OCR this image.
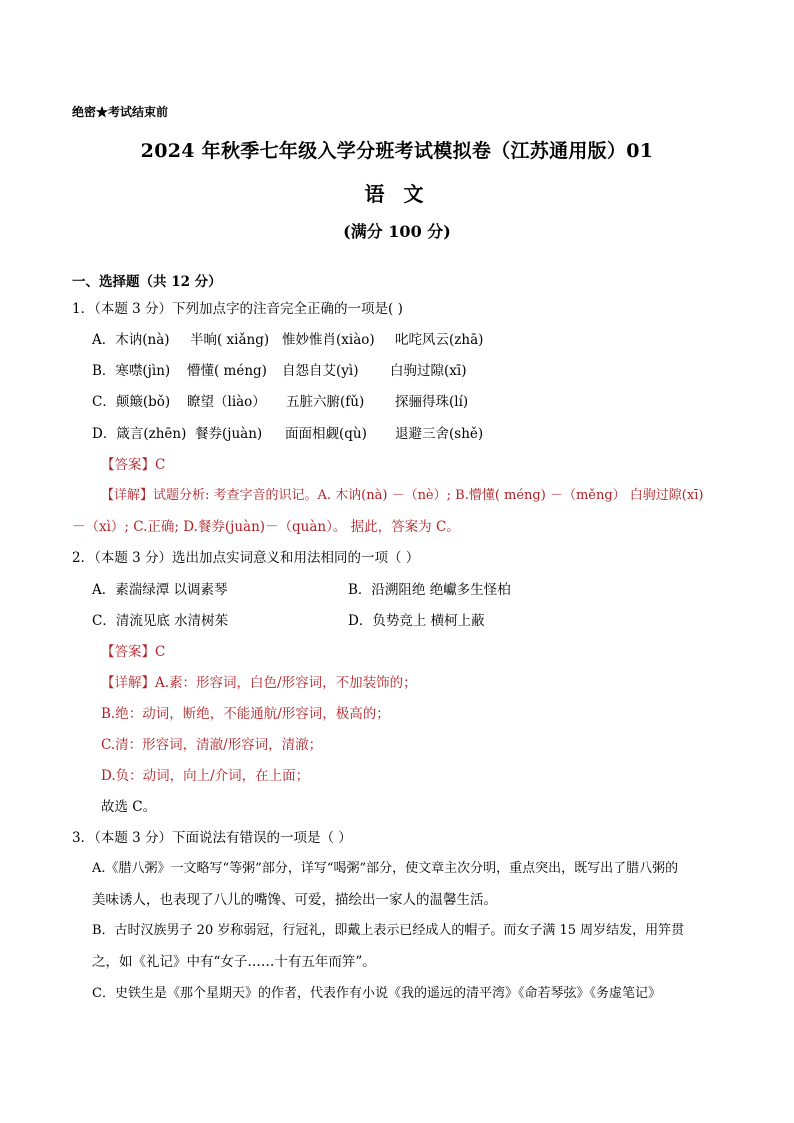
绝密★考试结束前
2024 年秋季七年级入学分班考试模拟卷（江苏通用版）01
语 文
(满分 100 分)
一、选择题（共 12 分）
1．（本题 3 分）下列加点字的注音完全正确的一项是( )
A．木讷(nà) 半晌( xiǎng) 惟妙惟肖(xiào) 叱咤风云(zhā)
B．寒噤(jìn) 懵懂( méng) 自怨自艾(yì) 白驹过隙(xī)
C．颠簸(bǒ) 瞭望（liào） 五脏六腑(fǔ) 探骊得珠(lí)
D．箴言(zhēn) 餐券(juàn) 面面相觑(qù) 退避三舍(shě)
【答案】C
【详解】试题分析: 考查字音的识记。A. 木讷(nà) －（nè）; B.懵懂( méng) －（měng） 白驹过隙(xī)
－（xì）; C.正确; D.餐券(juàn)－（quàn）。 据此，答案为 C。
2．（本题 3 分）选出加点实词意义和用法相同的一项（ ）
A．素湍绿潭 以调素琴	B．沿溯阻绝 绝巘多生怪柏
C．清流见底 水清树茱	D．负势竞上 横柯上蔽
【答案】C
【详解】A.素：形容词，白色/形容词，不加装饰的；
B.绝：动词，断绝，不能通航/形容词，极高的；
C.清：形容词，清澈/形容词，清澈；
D.负：动词，向上/介词，在上面；
故选 C。
3．（本题 3 分）下面说法有错误的一项是（ ）
A.《腊八粥》一文略写“等粥”部分，详写“喝粥”部分，使文章主次分明，重点突出，既写出了腊八粥的
美味诱人，也表现了八儿的嘴馋、可爱，描绘出一家人的温馨生活。
B．古时汉族男子 20 岁称弱冠，行冠礼，即戴上表示已经成人的帽子。而女子满 15 周岁结发，用笄贯
之，如《礼记》中有“女子……十有五年而笄”。
C．史铁生是《那个星期天》的作者，代表作有小说《我的遥远的清平湾》《命若琴弦》《务虚笔记》
